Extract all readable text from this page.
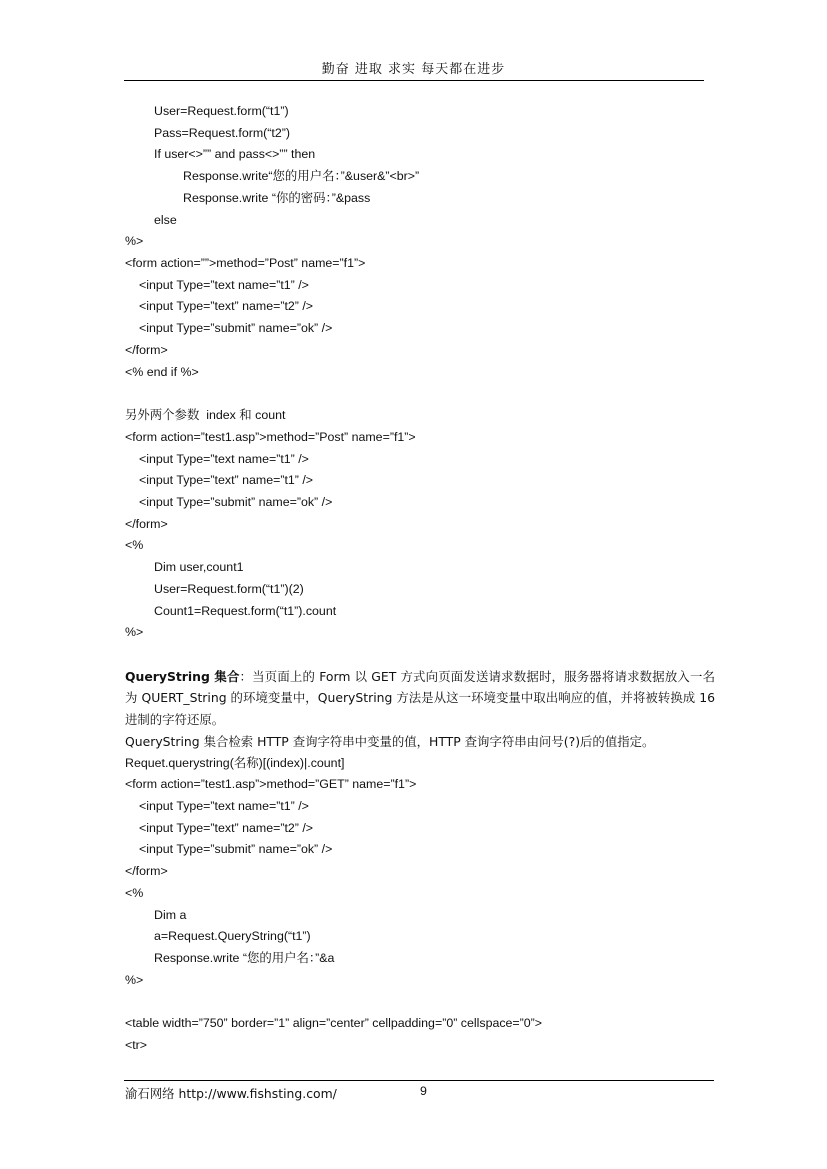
勤奋 进取 求实 每天都在进步
User=Request.form(“t1”)
Pass=Request.form(“t2”)
If user<>”” and pass<>”” then
Response.write“您的用户名：”&user&”<br>”
Response.write “你的密码：”&pass
else
%>
<form action=””>method=”Post” name=”f1”>
<input Type=”text name=”t1” />
<input Type=”text” name=”t2” />
<input Type=”submit” name=”ok” />
</form>
<% end if %>
另外两个参数  index 和 count
<form action=”test1.asp”>method=”Post” name=”f1”>
<input Type=”text name=”t1” />
<input Type=”text” name=”t1” />
<input Type=”submit” name=”ok” />
</form>
<%
Dim user,count1
User=Request.form(“t1”)(2)
Count1=Request.form(“t1”).count
%>
QueryString 集合：当页面上的 Form 以 GET 方式向页面发送请求数据时，服务器将请求数据放入一名为 QUERT_String 的环境变量中，QueryString 方法是从这一环境变量中取出响应的值，并将被转换成 16 进制的字符还原。
QueryString 集合检索 HTTP 查询字符串中变量的值，HTTP 查询字符串由问号(?)后的值指定。
Requet.querystring(名称)[(index)|.count]
<form action=”test1.asp”>method=”GET” name=”f1”>
<input Type=”text name=”t1” />
<input Type=”text” name=”t2” />
<input Type=”submit” name=”ok” />
</form>
<%
Dim a
a=Request.QueryString(“t1”)
Response.write “您的用户名：”&a
%>
<table width=”750” border=”1” align=”center” cellpadding=”0” cellspace=”0”>
<tr>
渝石网络 http://www.fishsting.com/	9
